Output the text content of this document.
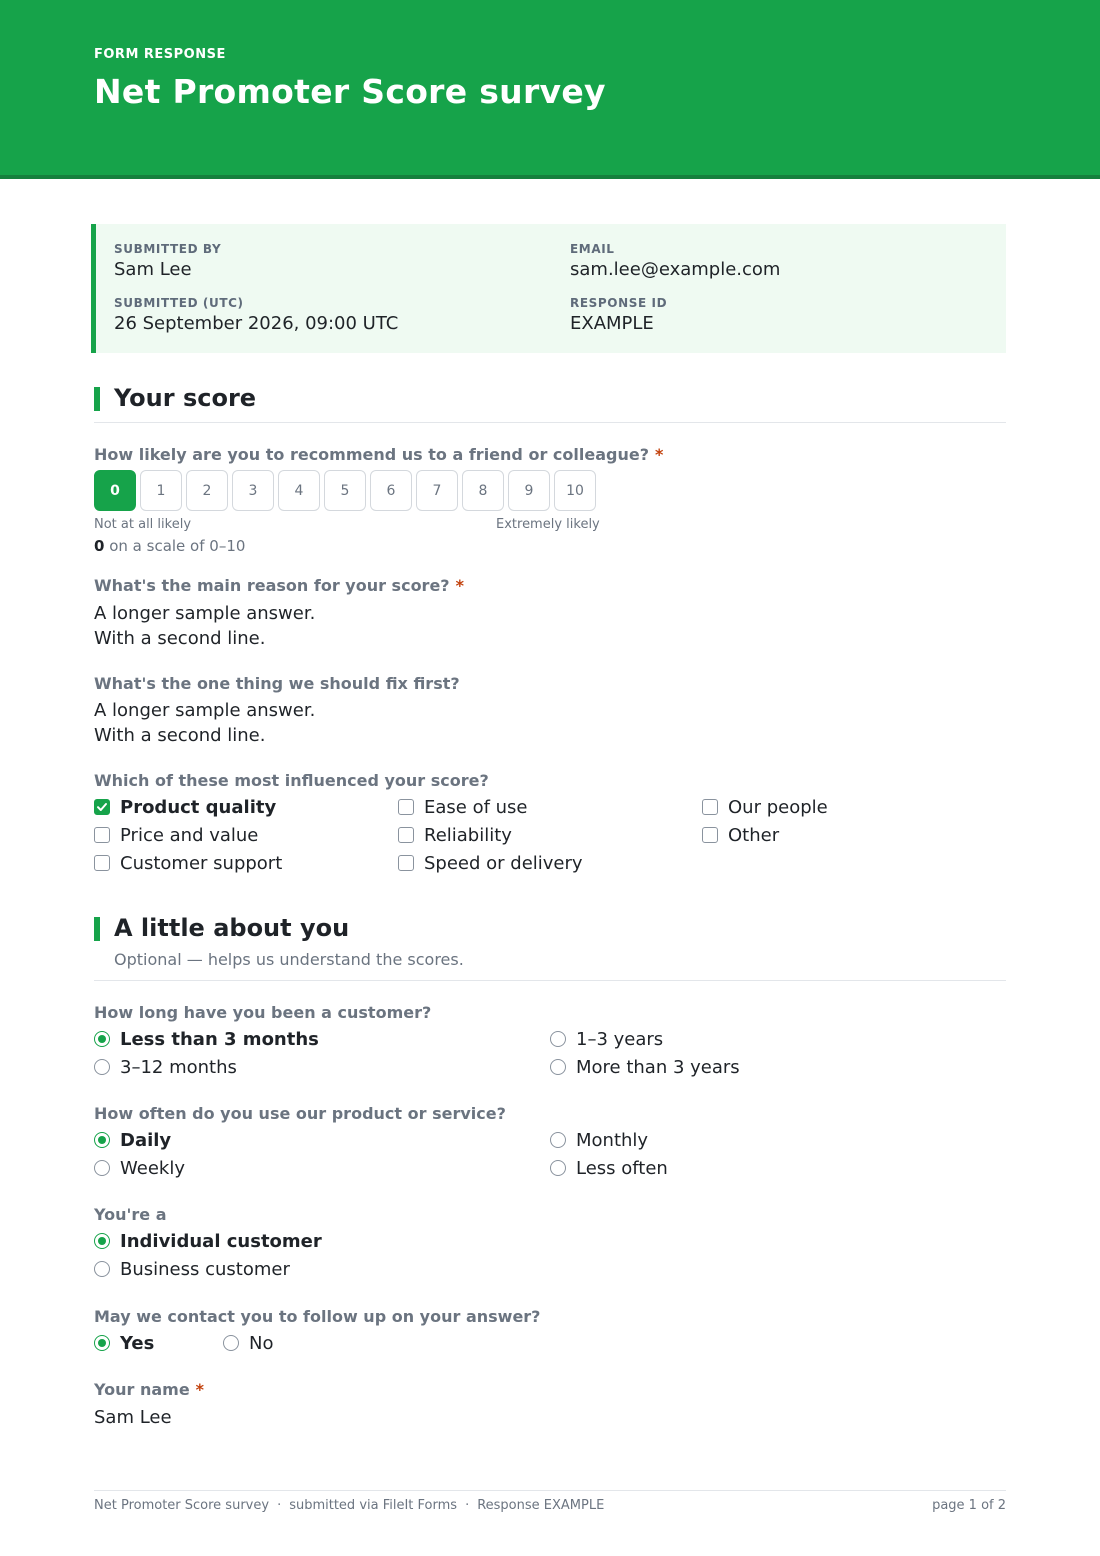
FORM RESPONSE
Net Promoter Score survey
SUBMITTED BY
Sam Lee
EMAIL
sam.lee@example.com
SUBMITTED (UTC)
26 September 2026, 09:00 UTC
RESPONSE ID
EXAMPLE
Your score
How likely are you to recommend us to a friend or colleague? *
0	1	2	3	4	5	6	7	8	9	10
Not at all likely	Extremely likely
0 on a scale of 0–10
What's the main reason for your score? *
A longer sample answer.
With a second line.
What's the one thing we should fix first?
A longer sample answer.
With a second line.
Which of these most influenced your score?
Product quality
Price and value
Customer support
Ease of use
Reliability
Speed or delivery
Our people
Other
A little about you
Optional — helps us understand the scores.
How long have you been a customer?
Less than 3 months
3–12 months
1–3 years
More than 3 years
How often do you use our product or service?
Daily
Weekly
Monthly
Less often
You're a
Individual customer
Business customer
May we contact you to follow up on your answer?
Yes	No
Your name *
Sam Lee
Net Promoter Score survey · submitted via FileIt Forms · Response EXAMPLE	page 1 of 2
